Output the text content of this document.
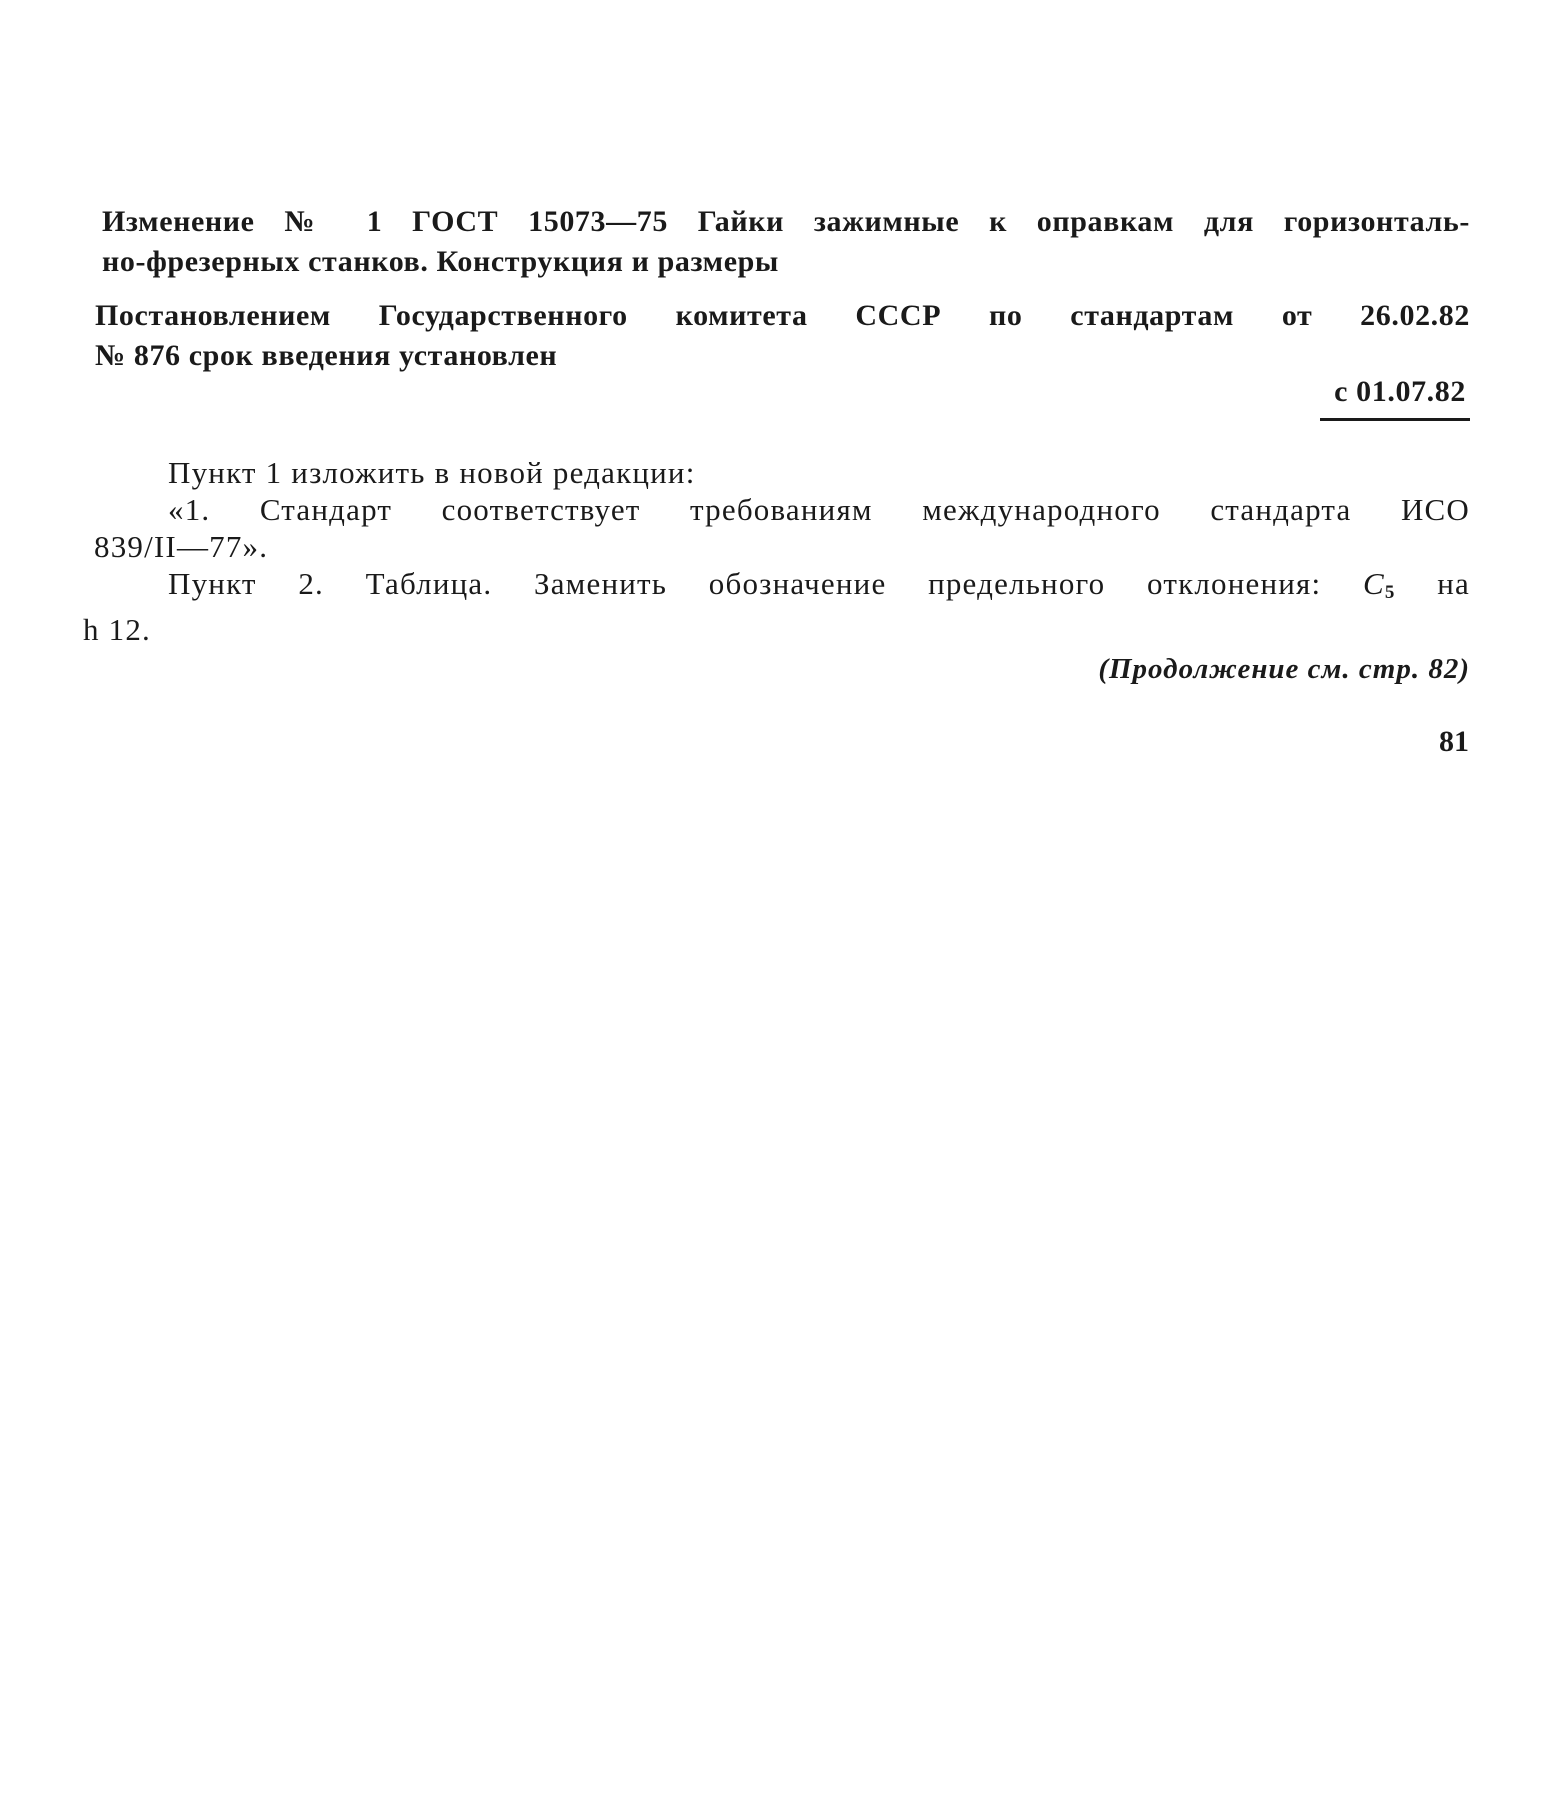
Изменение № 1 ГОСТ 15073—75 Гайки зажимные к оправкам для горизонталь-
но-фрезерных станков. Конструкция и размеры
Постановлением Государственного комитета СССР по стандартам от 26.02.82
№ 876 срок введения установлен
с 01.07.82
Пункт 1 изложить в новой редакции:
«1. Стандарт соответствует требованиям международного стандарта ИСО
839/II—77».
Пункт 2. Таблица. Заменить обозначение предельного отклонения: $C_5$ на
h 12.
(Продолжение см. стр. 82)
81
